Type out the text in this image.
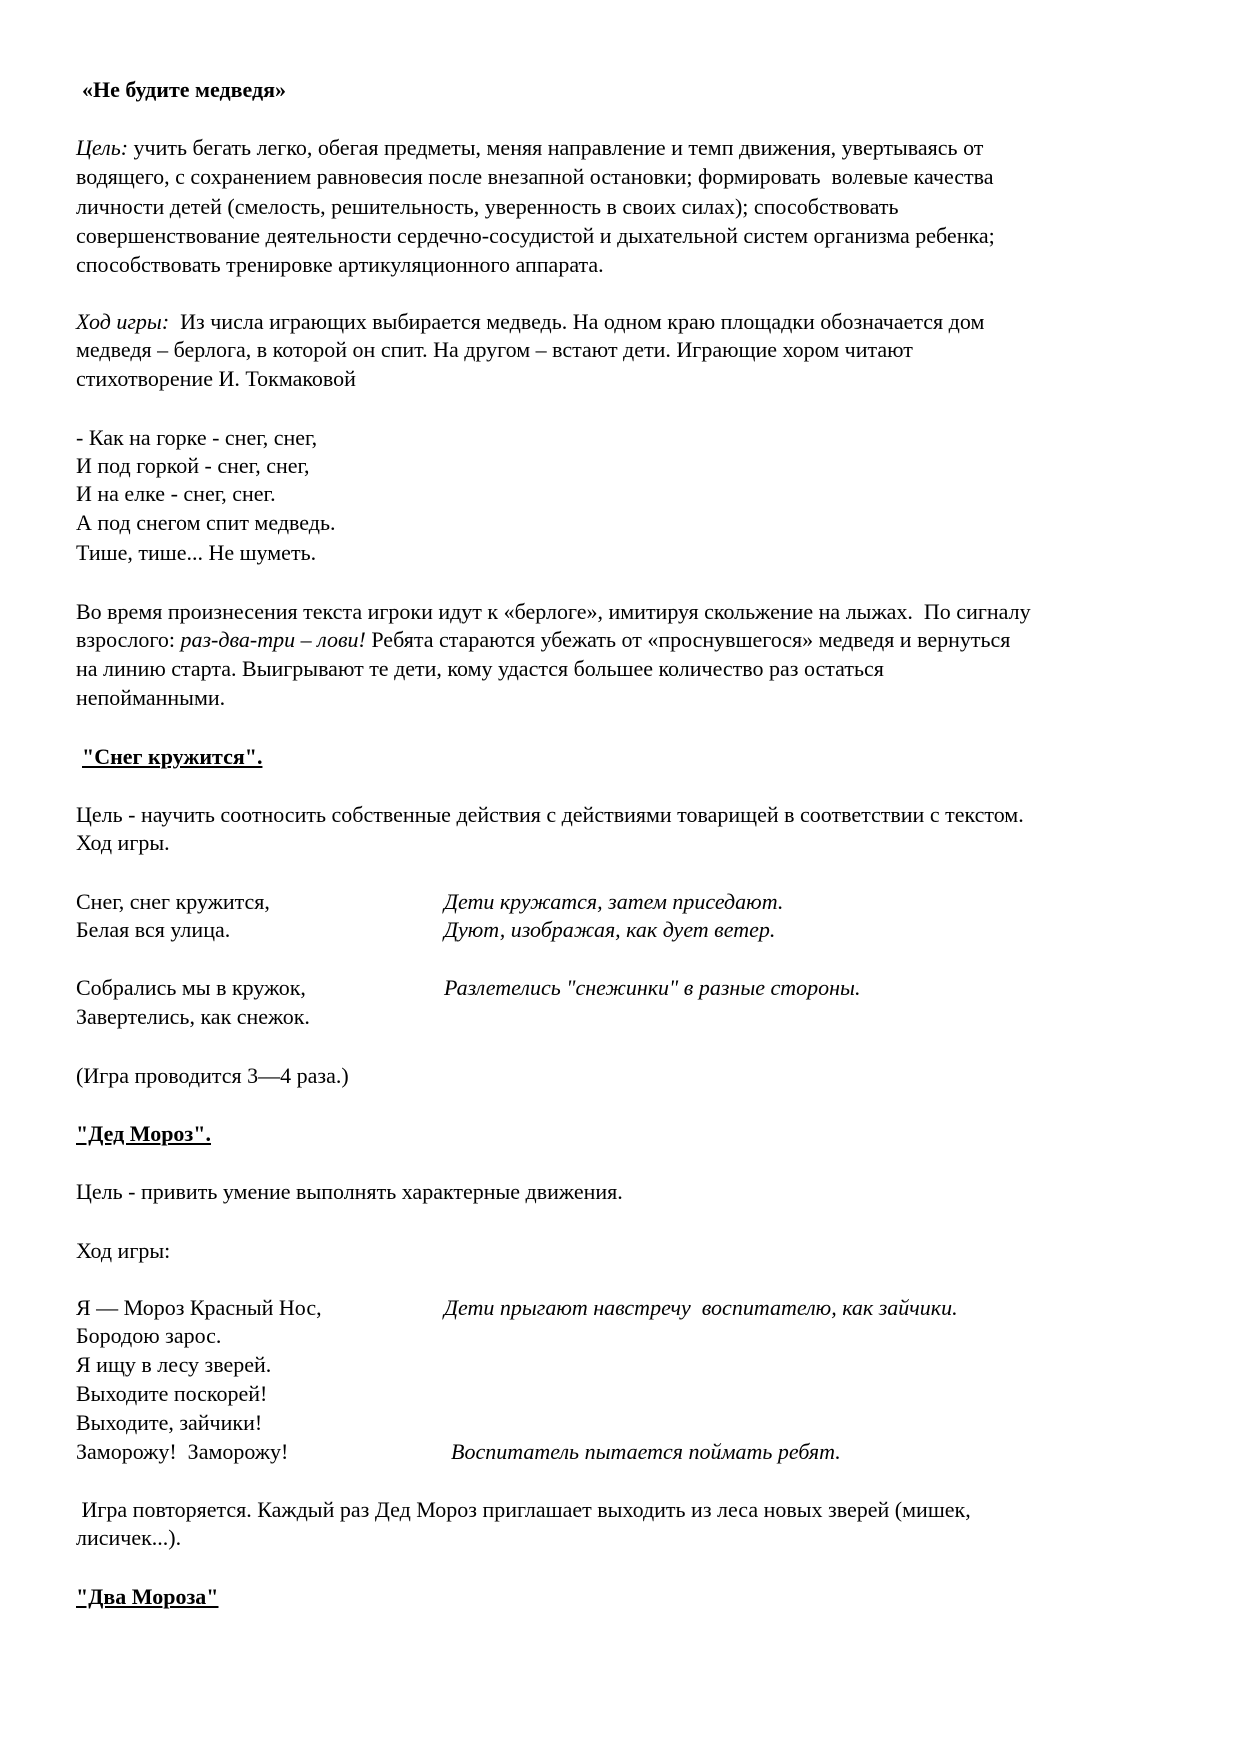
«Не будите медведя»
Цель: учить бегать легко, обегая предметы, меняя направление и темп движения, увертываясь от
водящего, с сохранением равновесия после внезапной остановки; формировать  волевые качества
личности детей (смелость, решительность, уверенность в своих силах); способствовать
совершенствование деятельности сердечно-сосудистой и дыхательной систем организма ребенка;
способствовать тренировке артикуляционного аппарата.
Ход игры:  Из числа играющих выбирается медведь. На одном краю площадки обозначается дом
медведя – берлога, в которой он спит. На другом – встают дети. Играющие хором читают
стихотворение И. Токмаковой
- Как на горке - снег, снег,
И под горкой - снег, снег,
И на елке - снег, снег.
А под снегом спит медведь.
Тише, тише... Не шуметь.
Во время произнесения текста игроки идут к «берлоге», имитируя скольжение на лыжах.  По сигналу
взрослого: раз-два-три – лови! Ребята стараются убежать от «проснувшегося» медведя и вернуться
на линию старта. Выигрывают те дети, кому удастся большее количество раз остаться
непойманными.
"Снег кружится".
Цель - научить соотносить собственные действия с действиями товарищей в соответствии с текстом.
Ход игры.
Снег, снег кружится,	Дети кружатся, затем приседают.
Белая вся улица.	Дуют, изображая, как дует ветер.
Собрались мы в кружок,	Разлетелись "снежинки" в разные стороны.
Завертелись, как снежок.
(Игра проводится 3—4 раза.)
"Дед Мороз".
Цель - привить умение выполнять характерные движения.
Ход игры:
Я — Мороз Красный Нос,	Дети прыгают навстречу  воспитателю, как зайчики.
Бородою зарос.
Я ищу в лесу зверей.
Выходите поскорей!
Выходите, зайчики!
Заморожу!  Заморожу!	Воспитатель пытается поймать ребят.
Игра повторяется. Каждый раз Дед Мороз приглашает выходить из леса новых зверей (мишек,
лисичек...).
"Два Мороза"
